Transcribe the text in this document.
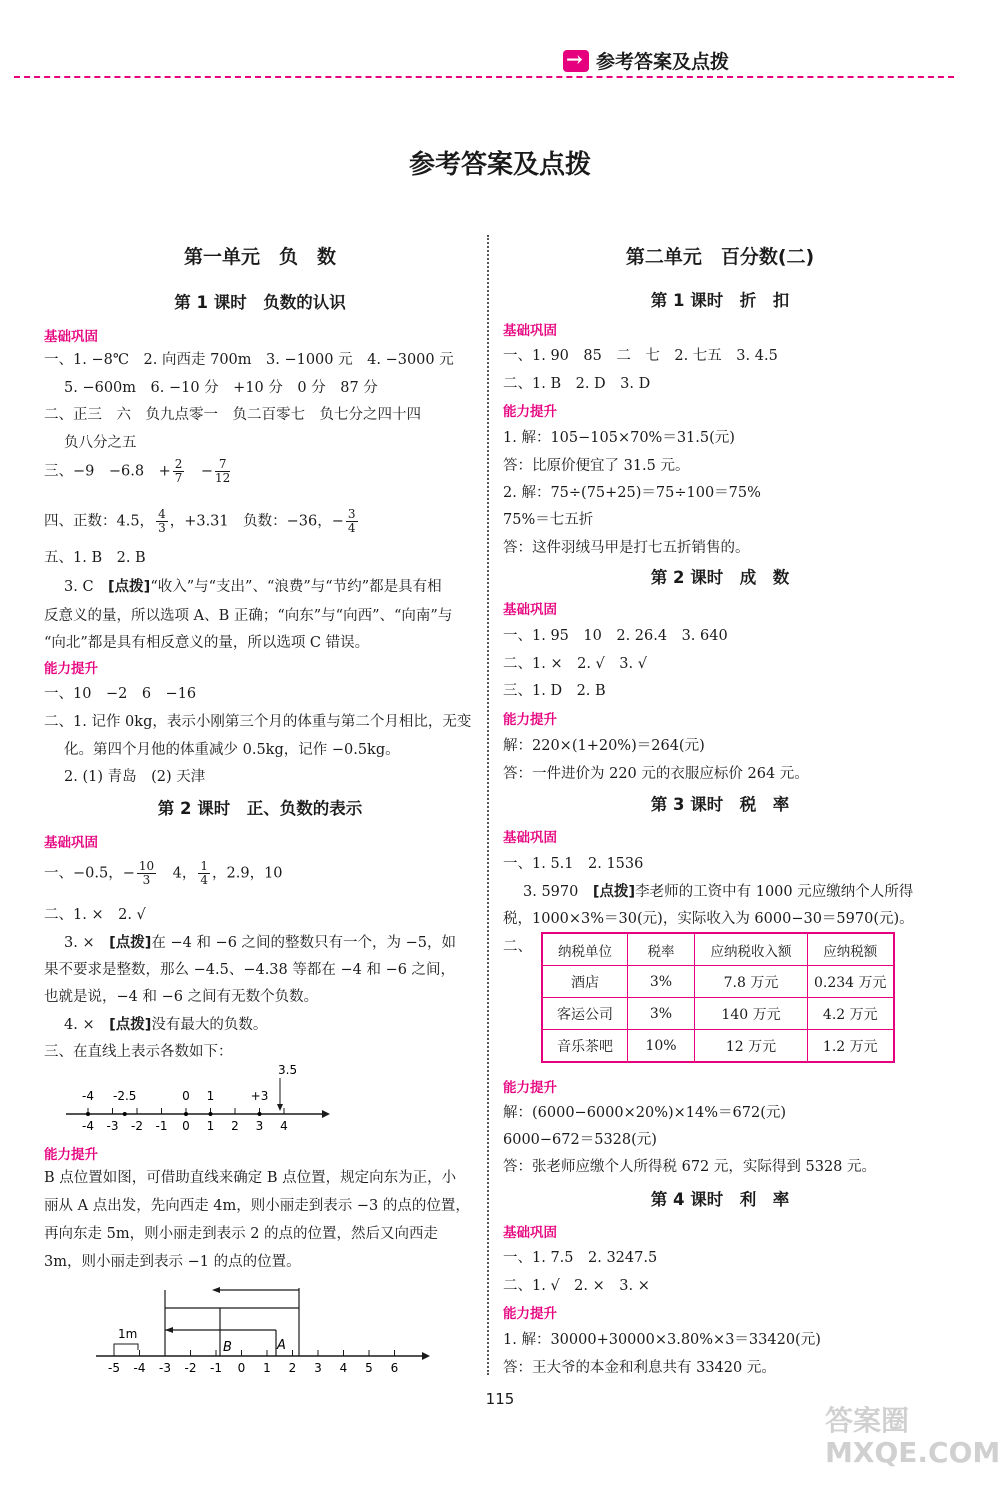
→
参考答案及点拨
参考答案及点拨
第一单元　负　数
第 1 课时　负数的认识
基础巩固
一、1. −8℃　2. 向西走 700m　3. −1000 元　4. −3000 元
5. −600m　6. −10 分　+10 分　0 分　87 分
二、正三　六　负九点零一　负二百零七　负七分之四十四
负八分之五
三、−9　−6.8　+ $\frac{2}{7}$
　 − $\frac{7}{12}$
四、正数：4.5， $\frac{4}{3}$ ，+3.31　负数：−36，− $\frac{3}{4}$
五、1. B　2. B
3. C　[点拨]“收入”与“支出”、“浪费”与“节约”都是具有相
反意义的量，所以选项 A、B 正确；“向东”与“向西”、“向南”与
“向北”都是具有相反意义的量，所以选项 C 错误。
能力提升
一、10　−2　6　−16
二、1. 记作 0kg，表示小刚第三个月的体重与第二个月相比，无变
化。第四个月他的体重减少 0.5kg，记作 −0.5kg。
2. (1) 青岛　(2) 天津
第 2 课时　正、负数的表示
基础巩固
一、−0.5，− $\frac{10}{3}$ 　4， $\frac{1}{4}$ ，2.9，10
二、1. ×　2. √
3. ×　[点拨]在 −4 和 −6 之间的整数只有一个，为 −5，如
果不要求是整数，那么 −4.5、−4.38 等都在 −4 和 −6 之间，
也就是说，−4 和 −6 之间有无数个负数。
4. ×　[点拨]没有最大的负数。
三、在直线上表示各数如下：
-4 -3 -2 -1 0 1 2 3 4
-4 -2.5	0 1	+3
3.5
能力提升
B 点位置如图，可借助直线来确定 B 点位置，规定向东为正，小
丽从 A 点出发，先向西走 4m，则小丽走到表示 −3 的点的位置，
再向东走 5m，则小丽走到表示 2 的点的位置，然后又向西走
3m，则小丽走到表示 −1 的点的位置。
-5 -4 -3 -2 -1 0 1 2 3 4 5 6
B	A
1m
第二单元　百分数(二)
第 1 课时　折　扣
基础巩固
一、1. 90　85　二　七　2. 七五　3. 4.5
二、1. B　2. D　3. D
能力提升
1. 解：105−105×70%＝31.5(元)
答：比原价便宜了 31.5 元。
2. 解：75÷(75+25)＝75÷100＝75%
75%＝七五折
答：这件羽绒马甲是打七五折销售的。
第 2 课时　成　数
基础巩固
一、1. 95　10　2. 26.4　3. 640
二、1. ×　2. √　3. √
三、1. D　2. B
能力提升
解：220×(1+20%)＝264(元)
答：一件进价为 220 元的衣服应标价 264 元。
第 3 课时　税　率
基础巩固
一、1. 5.1　2. 1536
3. 5970　[点拨]李老师的工资中有 1000 元应缴纳个人所得
税，1000×3%＝30(元)，实际收入为 6000−30＝5970(元)。
二、 纳税单位	税率	应纳税收入额	应纳税额
酒店	3%	7.8 万元	0.234 万元
客运公司	3%	140 万元	4.2 万元
音乐茶吧	10%	12 万元	1.2 万元
能力提升
解：(6000−6000×20%)×14%＝672(元)
6000−672＝5328(元)
答：张老师应缴个人所得税 672 元，实际得到 5328 元。
第 4 课时　利　率
基础巩固
一、1. 7.5　2. 3247.5
二、1. √　2. ×　3. ×
能力提升
1. 解：30000+30000×3.80%×3＝33420(元)
答：王大爷的本金和利息共有 33420 元。
115
答案圈
MXQE.COM
